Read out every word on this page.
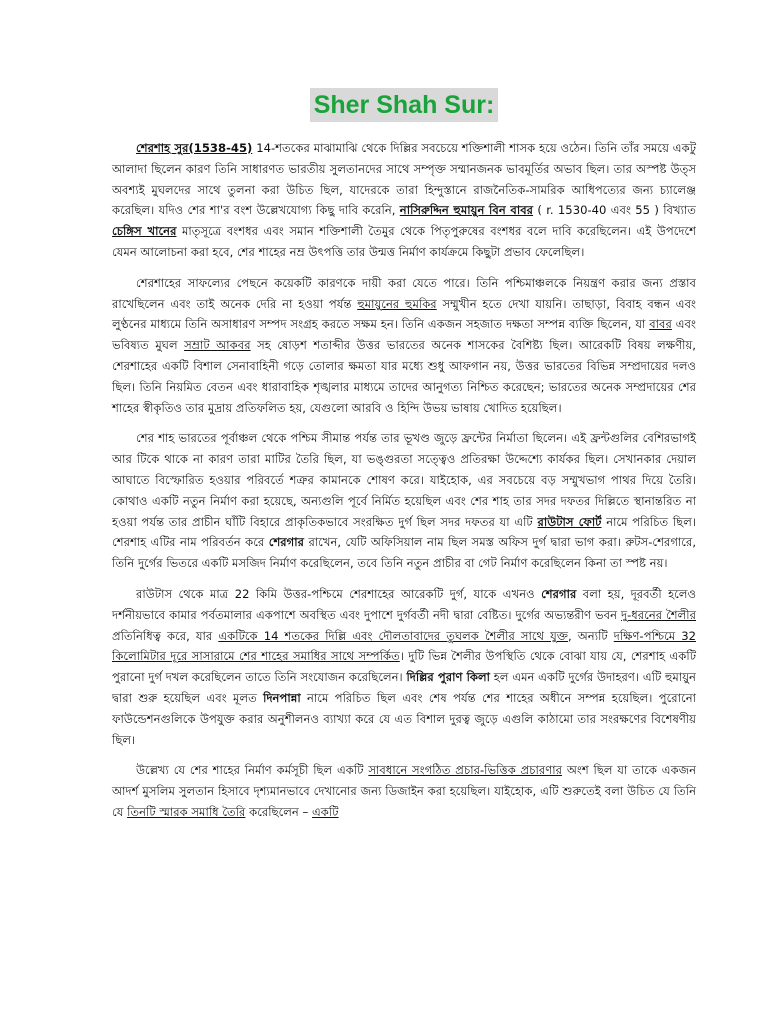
Sher Shah Sur:

শেরশাহ সুর(1538-45) 14-শতকের মাঝামাঝি থেকে দিল্লির সবচেয়ে শক্তিশালী শাসক হয়ে ওঠেন। তিনি তাঁর সময়ে একটু আলাদা ছিলেন কারণ তিনি সাধারণত ভারতীয় সুলতানদের সাথে সম্পৃক্ত সম্মানজনক ভাবমূর্তির অভাব ছিল। তার অস্পষ্ট উত্স অবশ্যই মুঘলদের সাথে তুলনা করা উচিত ছিল, যাদেরকে তারা হিন্দুস্তানে রাজনৈতিক-সামরিক আধিপত্যের জন্য চ্যালেঞ্জ করেছিল। যদিও শের শা'র বংশ উল্লেখযোগ্য কিছু দাবি করেনি, নাসিরুদ্দিন হুমায়ুন বিন বাবর ( r. 1530-40 এবং 55 ) বিখ্যাত চেঙ্গিস খানের মাতৃসূত্রে বংশধর এবং সমান শক্তিশালী তৈমুর থেকে পিতৃপুরুষের বংশধর বলে দাবি করেছিলেন। এই উপদেশে যেমন আলোচনা করা হবে, শের শাহের নম্র উৎপত্তি তার উন্মত্ত নির্মাণ কার্যক্রমে কিছুটা প্রভাব ফেলেছিল।

শেরশাহের সাফল্যের পেছনে কয়েকটি কারণকে দায়ী করা যেতে পারে। তিনি পশ্চিমাঞ্চলকে নিয়ন্ত্রণ করার জন্য প্রস্তাব রাখেছিলেন এবং তাই অনেক দেরি না হওয়া পর্যন্ত হুমায়ুনের হুমকির সম্মুখীন হতে দেখা যায়নি। তাছাড়া, বিবাহ বন্ধন এবং লুণ্ঠনের মাধ্যমে তিনি অসাধারণ সম্পদ সংগ্রহ করতে সক্ষম হন। তিনি একজন সহজাত দক্ষতা সম্পন্ন ব্যক্তি ছিলেন, যা বাবর এবং ভবিষ্যত মুঘল সম্রাট আকবর সহ ষোড়শ শতাব্দীর উত্তর ভারতের অনেক শাসকের বৈশিষ্ট্য ছিল। আরেকটি বিষয় লক্ষণীয়, শেরশাহের একটি বিশাল সেনাবাহিনী গড়ে তোলার ক্ষমতা যার মধ্যে শুধু আফগান নয়, উত্তর ভারতের বিভিন্ন সম্প্রদায়ের দলও ছিল। তিনি নিয়মিত বেতন এবং ধারাবাহিক শৃঙ্খলার মাধ্যমে তাদের আনুগত্য নিশ্চিত করেছেন; ভারতের অনেক সম্প্রদায়ের শের শাহের স্বীকৃতিও তার মুদ্রায় প্রতিফলিত হয়, যেগুলো আরবি ও হিন্দি উভয় ভাষায় খোদিত হয়েছিল।

শের শাহ ভারতের পূর্বাঞ্চল থেকে পশ্চিম সীমান্ত পর্যন্ত তার ভূখণ্ড জুড়ে ফ্রন্টের নির্মাতা ছিলেন। এই ফ্রন্টগুলির বেশিরভাগই আর টিকে থাকে না কারণ তারা মাটির তৈরি ছিল, যা ভঙ্গুরতা সত্ত্বেও প্রতিরক্ষা উদ্দেশ্যে কার্যকর ছিল। সেখানকার দেয়াল আঘাতে বিস্ফোরিত হওয়ার পরিবর্তে শত্রুর কামানকে শোষণ করে। যাইহোক, এর সবচেয়ে বড় সম্মুখভাগ পাথর দিয়ে তৈরি। কোথাও একটি নতুন নির্মাণ করা হয়েছে, অন্যগুলি পূর্বে নির্মিত হয়েছিল এবং শের শাহ তার সদর দফতর দিল্লিতে স্থানান্তরিত না হওয়া পর্যন্ত তার প্রাচীন ঘাঁটি বিহারে প্রাকৃতিকভাবে সংরক্ষিত দুর্গ ছিল সদর দফতর যা এটি রাউটাস ফোর্ট নামে পরিচিত ছিল। শেরশাহ এটির নাম পরিবর্তন করে শেরগার রাখেন, যেটি অফিসিয়াল নাম ছিল সমস্ত অফিস দুর্গ দ্বারা ভাগ করা। রুটস-শেরগারে, তিনি দুর্গের ভিতরে একটি মসজিদ নির্মাণ করেছিলেন, তবে তিনি নতুন প্রাচীর বা গেট নির্মাণ করেছিলেন কিনা তা স্পষ্ট নয়।

রাউটাস থেকে মাত্র 22 কিমি উত্তর-পশ্চিমে শেরশাহের আরেকটি দুর্গ, যাকে এখনও শেরগার বলা হয়, দূরবর্তী হলেও দর্শনীয়ভাবে কামার পর্বতমালার একপাশে অবস্থিত এবং দুপাশে দুর্গবর্তী নদী দ্বারা বেষ্টিত। দুর্গের অভ্যন্তরীণ ভবন দু-ধরনের শৈলীর প্রতিনিধিত্ব করে, যার একটিকে 14 শতকের দিল্লি এবং দৌলতাবাদের তুঘলক শৈলীর সাথে যুক্ত, অন্যটি দক্ষিণ-পশ্চিমে 32 কিলোমিটার দূরে সাসারামে শের শাহের সমাধির সাথে সম্পর্কিত। দুটি ভিন্ন শৈলীর উপস্থিতি থেকে বোঝা যায় যে, শেরশাহ একটি পুরানো দুর্গ দখল করেছিলেন তাতে তিনি সংযোজন করেছিলেন। দিল্লির পুরাণ কিলা হল এমন একটি দুর্গের উদাহরণ। এটি হুমায়ুন দ্বারা শুরু হয়েছিল এবং মূলত দিনপান্না নামে পরিচিত ছিল এবং শেষ পর্যন্ত শের শাহের অধীনে সম্পন্ন হয়েছিল। পুরোনো ফাউন্ডেশনগুলিকে উপযুক্ত করার অনুশীলনও ব্যাখ্যা করে যে এত বিশাল দুরত্ব জুড়ে এগুলি কাঠামো তার সংরক্ষণের বিশেষণীয় ছিল।

উল্লেখ্য যে শের শাহের নির্মাণ কর্মসূচী ছিল একটি সাবধানে সংগঠিত প্রচার-ভিত্তিক প্রচারণার অংশ ছিল যা তাকে একজন আদর্শ মুসলিম সুলতান হিসাবে দৃশ্যমানভাবে দেখানোর জন্য ডিজাইন করা হয়েছিল। যাইহোক, এটি শুরুতেই বলা উচিত যে তিনি যে তিনটি স্মারক সমাধি তৈরি করেছিলেন – একটি
